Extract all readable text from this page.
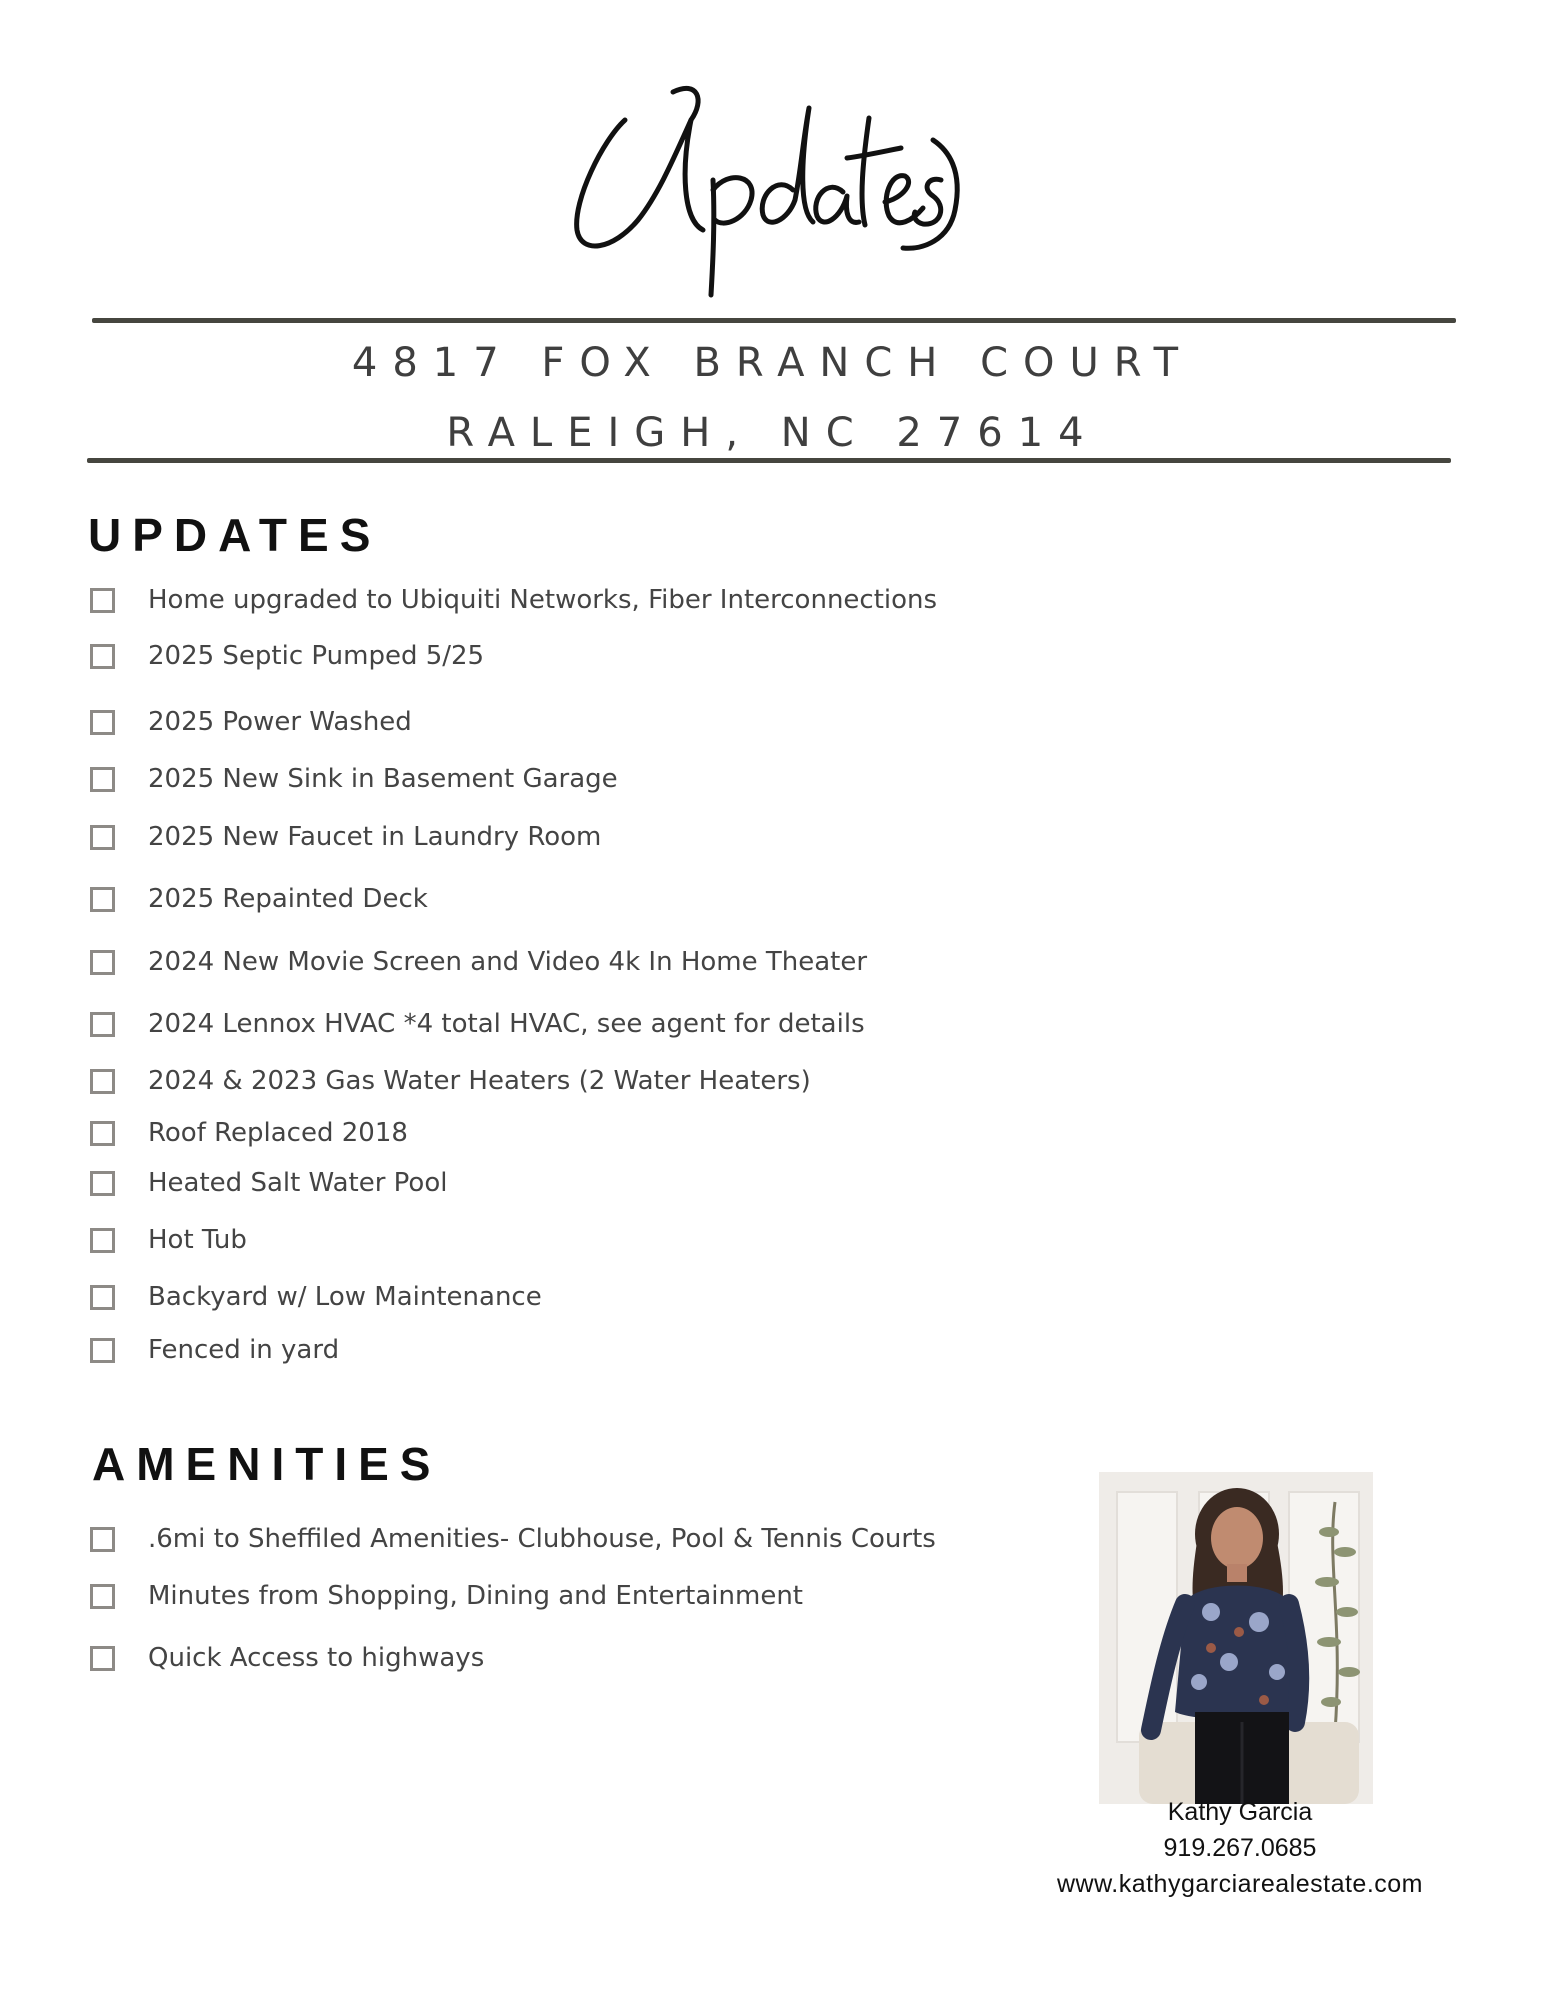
4817 FOX BRANCH COURT
RALEIGH, NC 27614
UPDATES
Home upgraded to Ubiquiti Networks, Fiber Interconnections
2025 Septic Pumped 5/25
2025 Power Washed
2025 New Sink in Basement Garage
2025 New Faucet in Laundry Room
2025 Repainted Deck
2024 New Movie Screen and Video 4k In Home Theater
2024 Lennox HVAC *4 total HVAC, see agent for details
2024 & 2023 Gas Water Heaters (2 Water Heaters)
Roof Replaced 2018
Heated Salt Water Pool
Hot Tub
Backyard w/ Low Maintenance
Fenced in yard
AMENITIES
.6mi to Sheffiled Amenities- Clubhouse, Pool & Tennis Courts
Minutes from Shopping, Dining and Entertainment
Quick Access to highways
Kathy Garcia
919.267.0685
www.kathygarciarealestate.com
